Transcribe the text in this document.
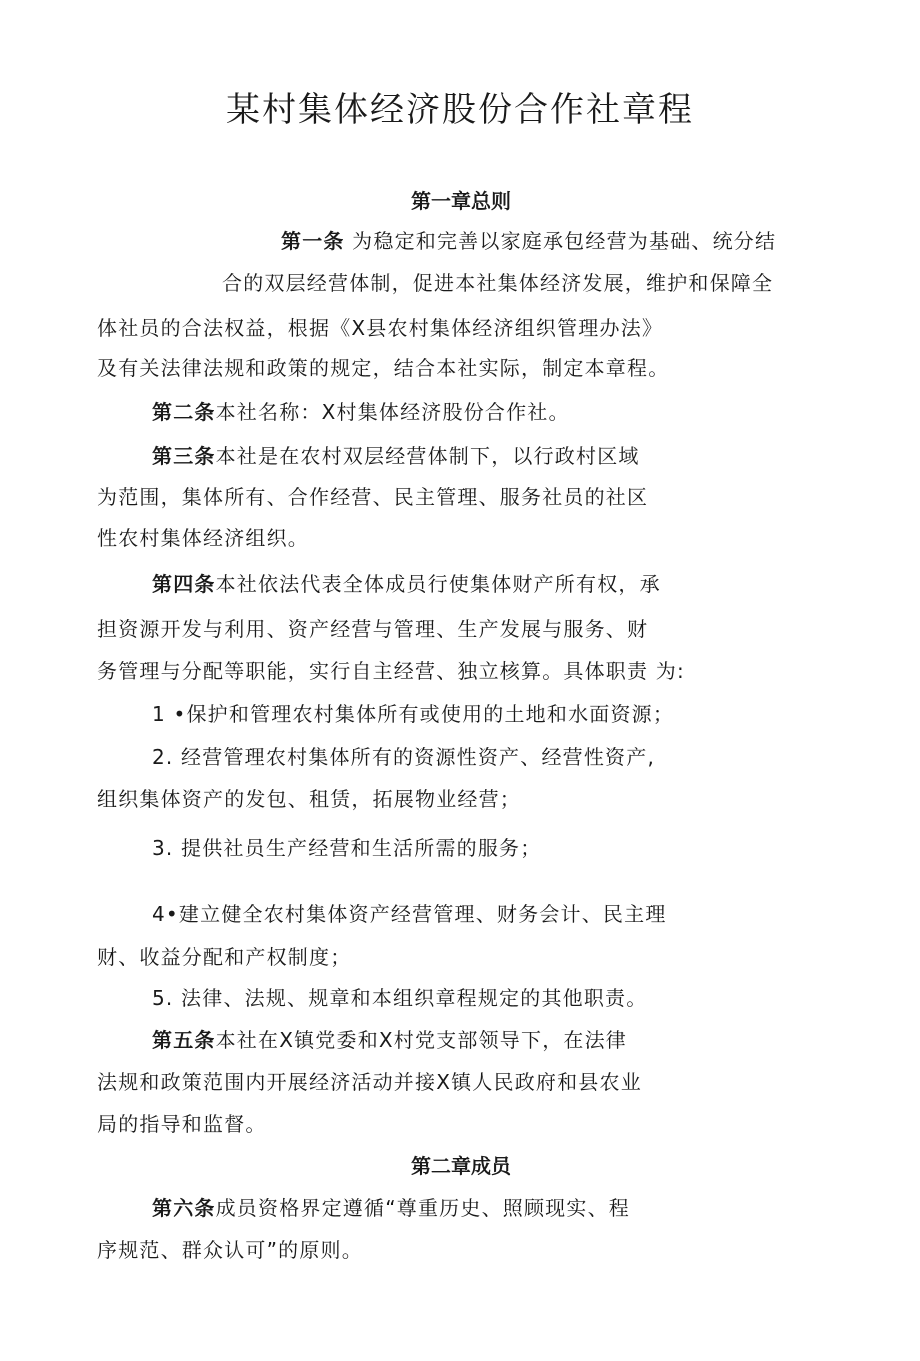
某村集体经济股份合作社章程
第一章总则
第一条 为稳定和完善以家庭承包经营为基础、统分结
合的双层经营体制，促进本社集体经济发展，维护和保障全
体社员的合法权益，根据《X县农村集体经济组织管理办法》
及有关法律法规和政策的规定，结合本社实际，制定本章程。
第二条本社名称：X村集体经济股份合作社。
第三条本社是在农村双层经营体制下，以行政村区域
为范围，集体所有、合作经营、民主管理、服务社员的社区
性农村集体经济组织。
第四条本社依法代表全体成员行使集体财产所有权，承
担资源开发与利用、资产经营与管理、生产发展与服务、财
务管理与分配等职能，实行自主经营、独立核算。具体职责 为:
1 •保护和管理农村集体所有或使用的土地和水面资源；
2. 经营管理农村集体所有的资源性资产、经营性资产,
组织集体资产的发包、租赁，拓展物业经营；
3. 提供社员生产经营和生活所需的服务；
4•建立健全农村集体资产经营管理、财务会计、民主理
财、收益分配和产权制度；
5. 法律、法规、规章和本组织章程规定的其他职责。
第五条本社在X镇党委和X村党支部领导下，在法律
法规和政策范围内开展经济活动并接X镇人民政府和县农业
局的指导和监督。
第二章成员
第六条成员资格界定遵循“尊重历史、照顾现实、程
序规范、群众认可”的原则。
